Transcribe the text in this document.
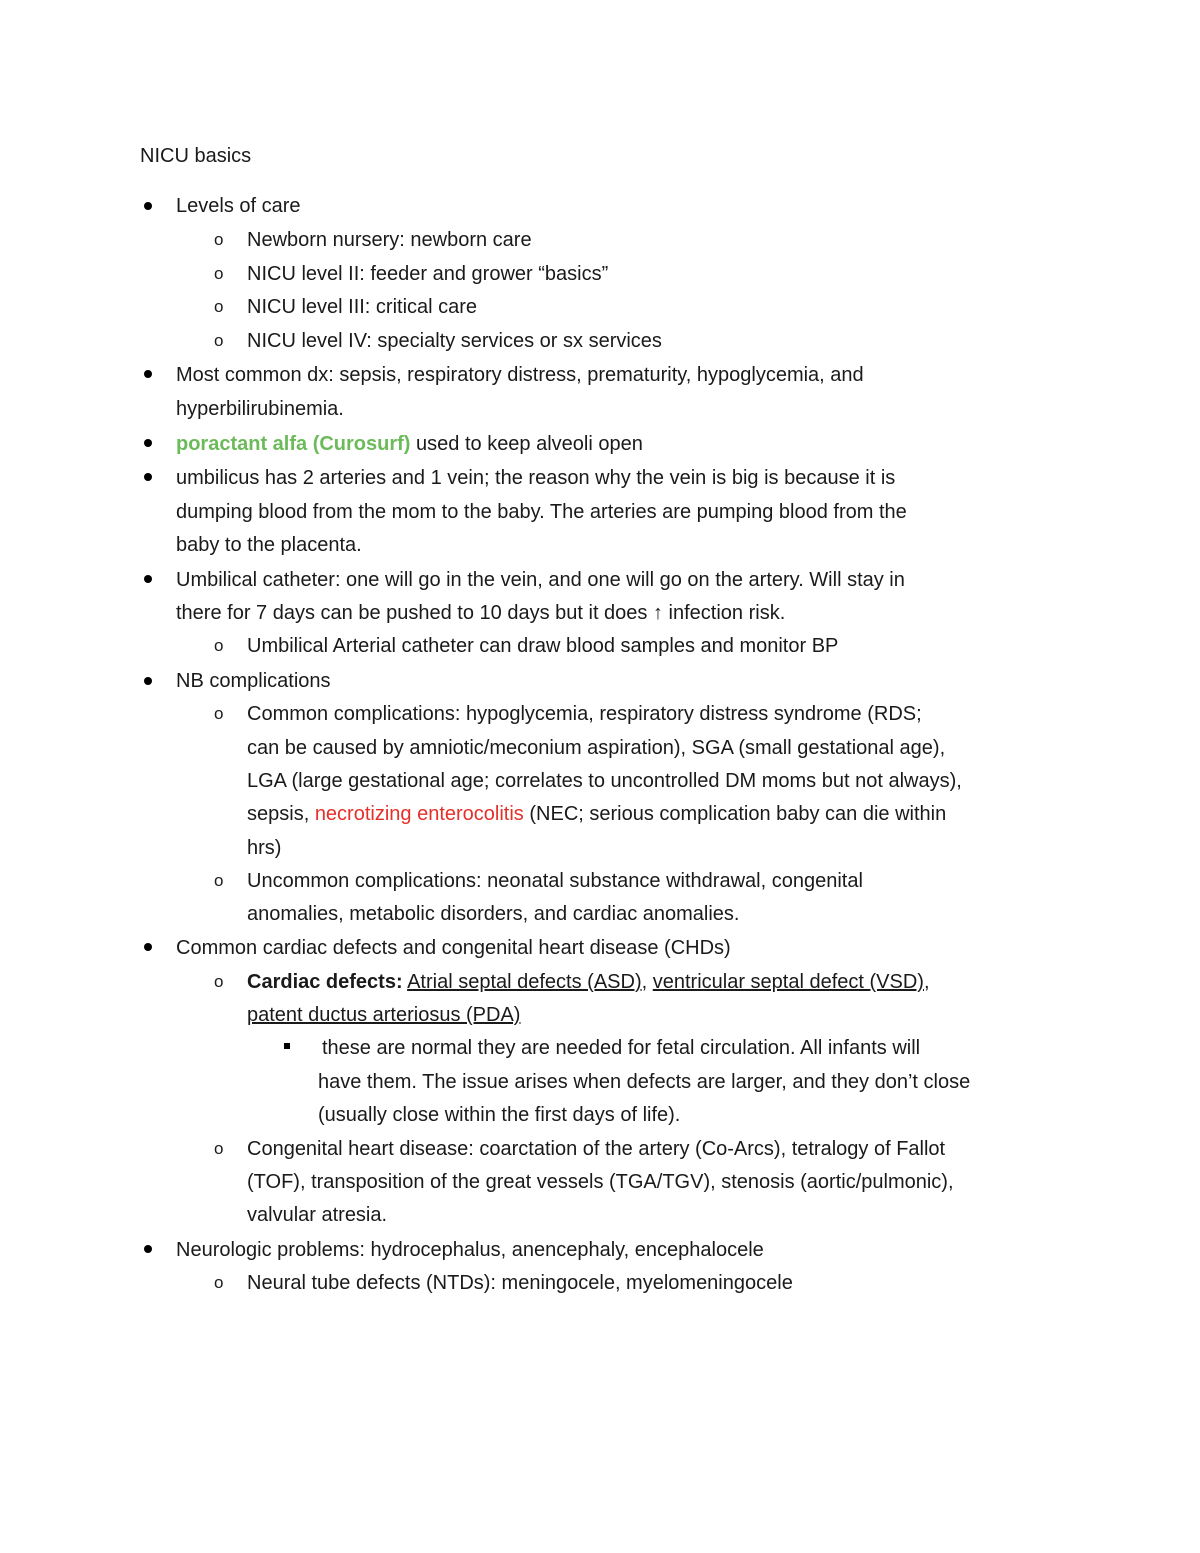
NICU basics
Levels of care
o Newborn nursery: newborn care
o NICU level II: feeder and grower “basics”
o NICU level III: critical care
o NICU level IV: specialty services or sx services
Most common dx: sepsis, respiratory distress, prematurity, hypoglycemia, and
hyperbilirubinemia.
poractant alfa (Curosurf) used to keep alveoli open
umbilicus has 2 arteries and 1 vein; the reason why the vein is big is because it is
dumping blood from the mom to the baby. The arteries are pumping blood from the
baby to the placenta.
Umbilical catheter: one will go in the vein, and one will go on the artery. Will stay in
there for 7 days can be pushed to 10 days but it does ↑ infection risk.
o Umbilical Arterial catheter can draw blood samples and monitor BP
NB complications
o Common complications: hypoglycemia, respiratory distress syndrome (RDS;
can be caused by amniotic/meconium aspiration), SGA (small gestational age),
LGA (large gestational age; correlates to uncontrolled DM moms but not always),
sepsis, necrotizing enterocolitis (NEC; serious complication baby can die within
hrs)
o Uncommon complications: neonatal substance withdrawal, congenital
anomalies, metabolic disorders, and cardiac anomalies.
Common cardiac defects and congenital heart disease (CHDs)
o Cardiac defects: Atrial septal defects (ASD), ventricular septal defect (VSD),
patent ductus arteriosus (PDA)
these are normal they are needed for fetal circulation. All infants will
have them. The issue arises when defects are larger, and they don’t close
(usually close within the first days of life).
o Congenital heart disease: coarctation of the artery (Co-Arcs), tetralogy of Fallot
(TOF), transposition of the great vessels (TGA/TGV), stenosis (aortic/pulmonic),
valvular atresia.
Neurologic problems: hydrocephalus, anencephaly, encephalocele
o Neural tube defects (NTDs): meningocele, myelomeningocele
